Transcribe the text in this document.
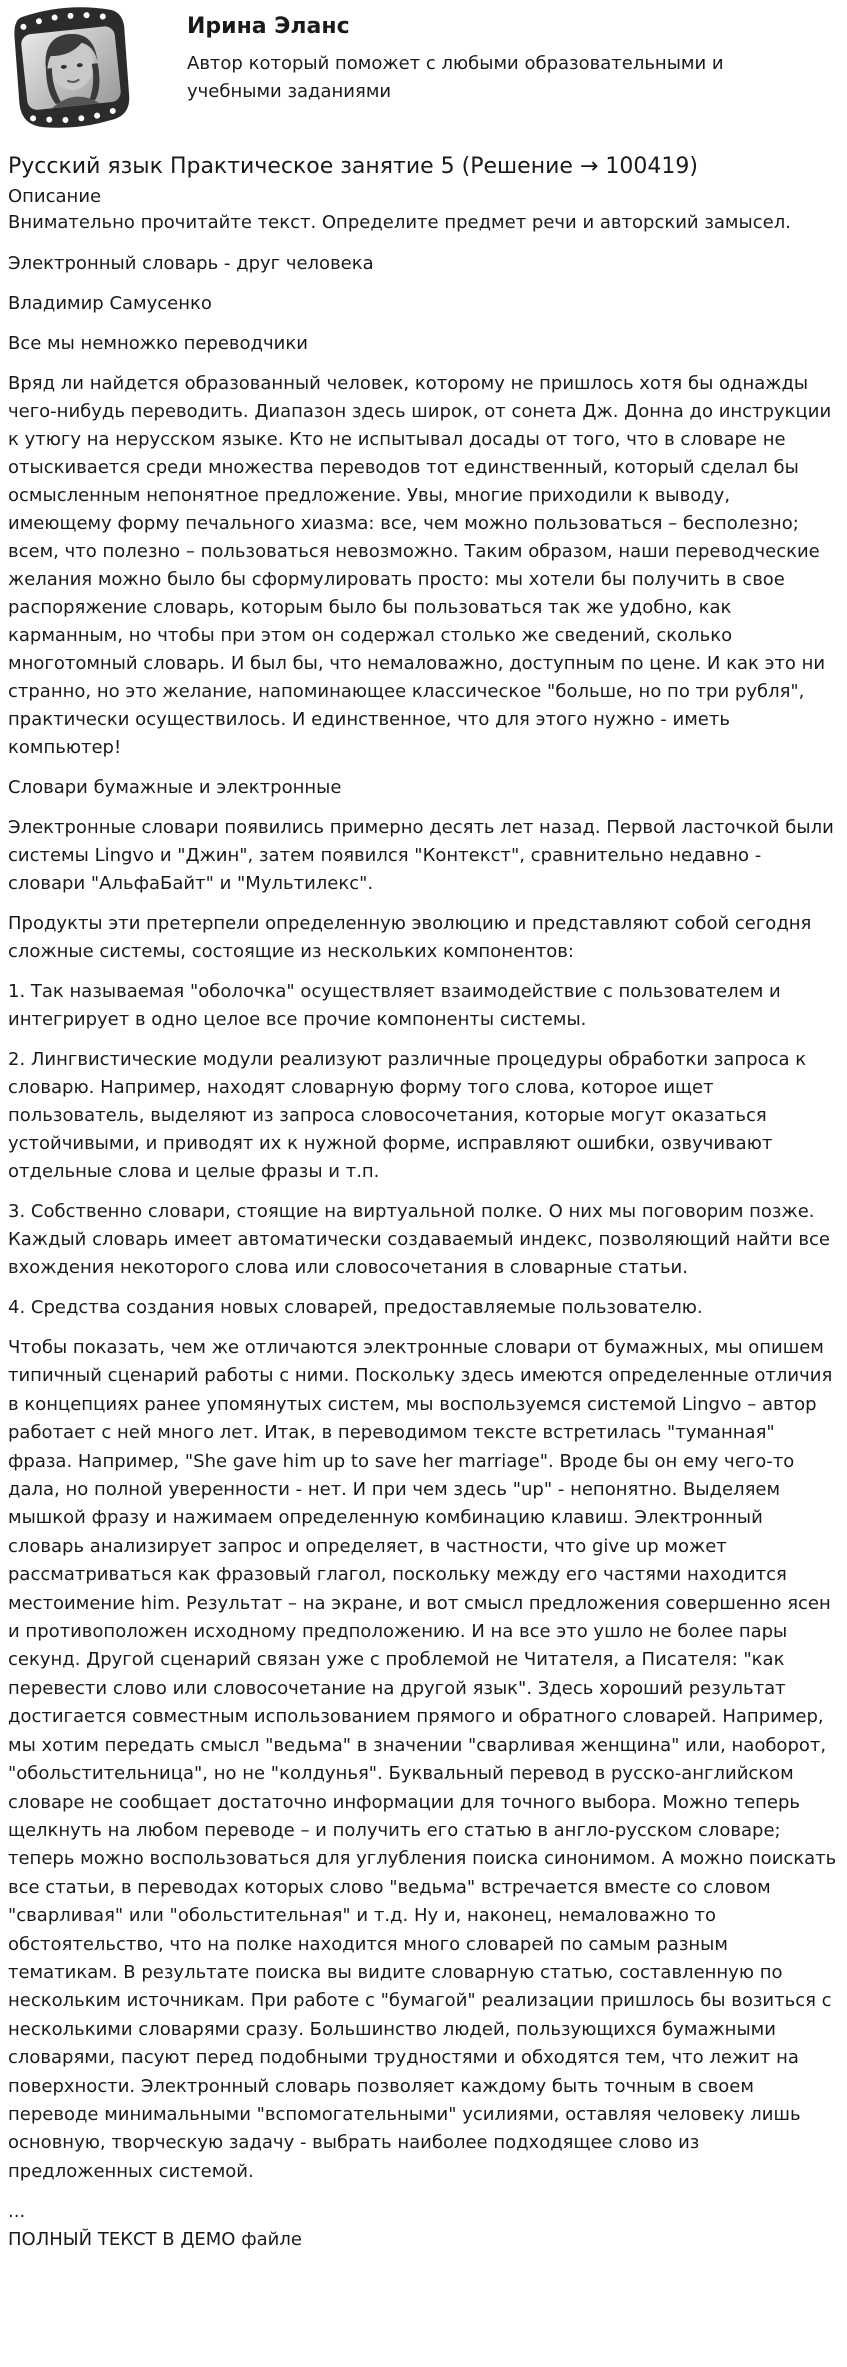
Ирина Эланс

Автор который поможет с любыми образовательными и учебными заданиями

Русский язык Практическое занятие 5 (Решение → 100419)

Описание

Внимательно прочитайте текст. Определите предмет речи и авторский замысел.

Электронный словарь - друг человека

Владимир Самусенко

Все мы немножко переводчики

Вряд ли найдется образованный человек, которому не пришлось хотя бы однажды чего-нибудь переводить. Диапазон здесь широк, от сонета Дж. Донна до инструкции к утюгу на нерусском языке. Кто не испытывал досады от того, что в словаре не отыскивается среди множества переводов тот единственный, который сделал бы осмысленным непонятное предложение. Увы, многие приходили к выводу, имеющему форму печального хиазма: все, чем можно пользоваться – бесполезно; всем, что полезно – пользоваться невозможно. Таким образом, наши переводческие желания можно было бы сформулировать просто: мы хотели бы получить в свое распоряжение словарь, которым было бы пользоваться так же удобно, как карманным, но чтобы при этом он содержал столько же сведений, сколько многотомный словарь. И был бы, что немаловажно, доступным по цене. И как это ни странно, но это желание, напоминающее классическое "больше, но по три рубля", практически осуществилось. И единственное, что для этого нужно - иметь компьютер!

Словари бумажные и электронные

Электронные словари появились примерно десять лет назад. Первой ласточкой были системы Lingvo и "Джин", затем появился "Контекст", сравнительно недавно - словари "АльфаБайт" и "Мультилекс".

Продукты эти претерпели определенную эволюцию и представляют собой сегодня сложные системы, состоящие из нескольких компонентов:

1. Так называемая "оболочка" осуществляет взаимодействие с пользователем и интегрирует в одно целое все прочие компоненты системы.

2. Лингвистические модули реализуют различные процедуры обработки запроса к словарю. Например, находят словарную форму того слова, которое ищет пользователь, выделяют из запроса словосочетания, которые могут оказаться устойчивыми, и приводят их к нужной форме, исправляют ошибки, озвучивают отдельные слова и целые фразы и т.п.

3. Собственно словари, стоящие на виртуальной полке. О них мы поговорим позже. Каждый словарь имеет автоматически создаваемый индекс, позволяющий найти все вхождения некоторого слова или словосочетания в словарные статьи.

4. Средства создания новых словарей, предоставляемые пользователю.

Чтобы показать, чем же отличаются электронные словари от бумажных, мы опишем типичный сценарий работы с ними. Поскольку здесь имеются определенные отличия в концепциях ранее упомянутых систем, мы воспользуемся системой Lingvo – автор работает с ней много лет. Итак, в переводимом тексте встретилась "туманная" фраза. Например, "She gave him up to save her marriage". Вроде бы он ему чего-то дала, но полной уверенности - нет. И при чем здесь "up" - непонятно. Выделяем мышкой фразу и нажимаем определенную комбинацию клавиш. Электронный словарь анализирует запрос и определяет, в частности, что give up может рассматриваться как фразовый глагол, поскольку между его частями находится местоимение him. Результат – на экране, и вот смысл предложения совершенно ясен и противоположен исходному предположению. И на все это ушло не более пары секунд. Другой сценарий связан уже с проблемой не Читателя, а Писателя: "как перевести слово или словосочетание на другой язык". Здесь хороший результат достигается совместным использованием прямого и обратного словарей. Например, мы хотим передать смысл "ведьма" в значении "сварливая женщина" или, наоборот, "обольстительница", но не "колдунья". Буквальный перевод в русско-английском словаре не сообщает достаточно информации для точного выбора. Можно теперь щелкнуть на любом переводе – и получить его статью в англо-русском словаре; теперь можно воспользоваться для углубления поиска синонимом. А можно поискать все статьи, в переводах которых слово "ведьма" встречается вместе со словом "сварливая" или "обольстительная" и т.д. Ну и, наконец, немаловажно то обстоятельство, что на полке находится много словарей по самым разным тематикам. В результате поиска вы видите словарную статью, составленную по нескольким источникам. При работе с "бумагой" реализации пришлось бы возиться с несколькими словарями сразу. Большинство людей, пользующихся бумажными словарями, пасуют перед подобными трудностями и обходятся тем, что лежит на поверхности. Электронный словарь позволяет каждому быть точным в своем переводе минимальными "вспомогательными" усилиями, оставляя человеку лишь основную, творческую задачу - выбрать наиболее подходящее слово из предложенных системой.

...

ПОЛНЫЙ ТЕКСТ В ДЕМО файле
